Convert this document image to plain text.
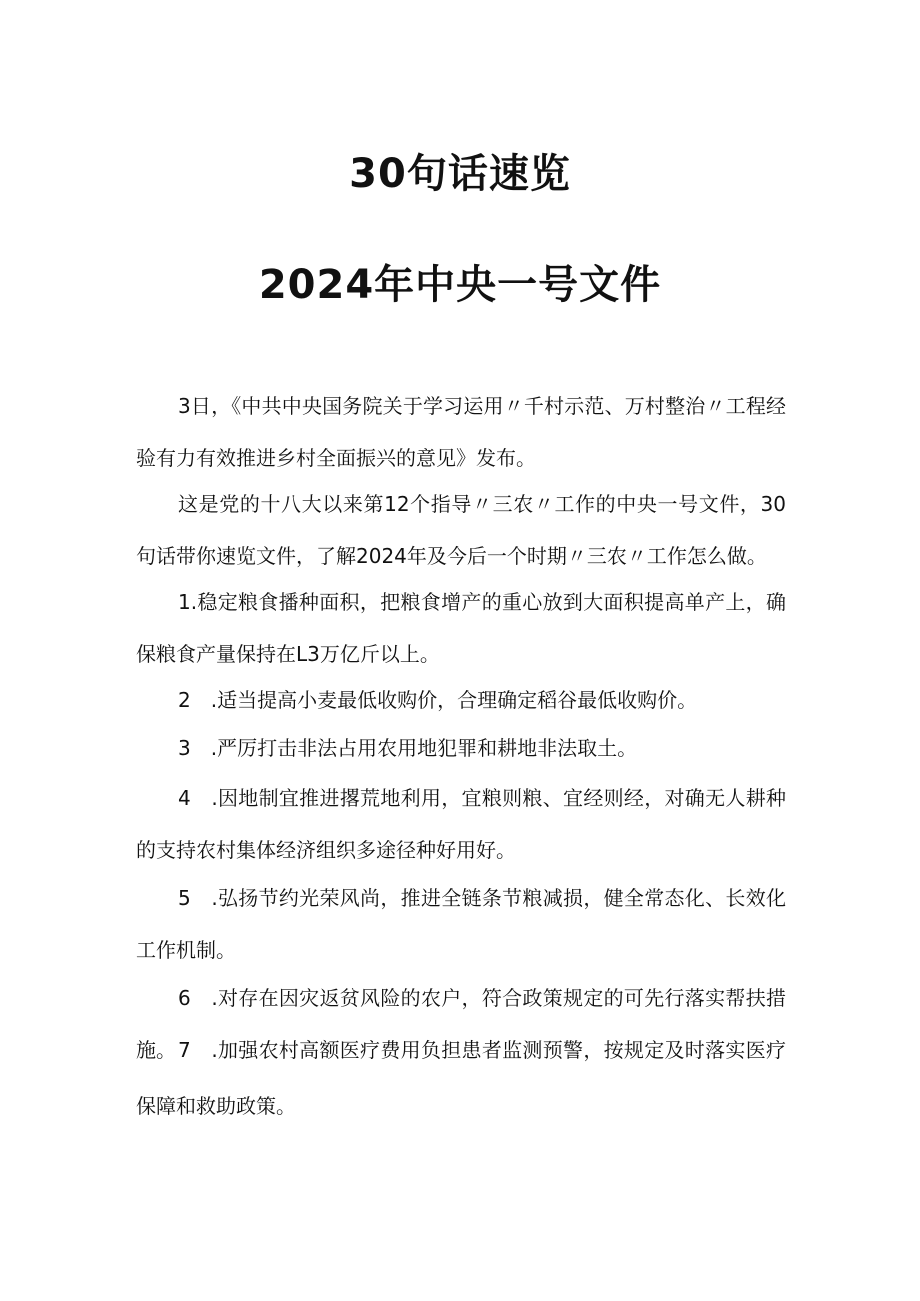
30句话速览
2024年中央一号文件

3日，《中共中央国务院关于学习运用〃千村示范、万村整治〃工程经验有力有效推进乡村全面振兴的意见》发布。

这是党的十八大以来第12个指导〃三农〃工作的中央一号文件，30句话带你速览文件，了解2024年及今后一个时期〃三农〃工作怎么做。

1.稳定粮食播种面积，把粮食增产的重心放到大面积提高单产上，确保粮食产量保持在L3万亿斤以上。

2　.适当提高小麦最低收购价，合理确定稻谷最低收购价。

3　.严厉打击非法占用农用地犯罪和耕地非法取土。

4　.因地制宜推进撂荒地利用，宜粮则粮、宜经则经，对确无人耕种的支持农村集体经济组织多途径种好用好。

5　.弘扬节约光荣风尚，推进全链条节粮减损，健全常态化、长效化工作机制。

6　.对存在因灾返贫风险的农户，符合政策规定的可先行落实帮扶措施。 7　.加强农村高额医疗费用负担患者监测预警，按规定及时落实医疗保障和救助政策。
